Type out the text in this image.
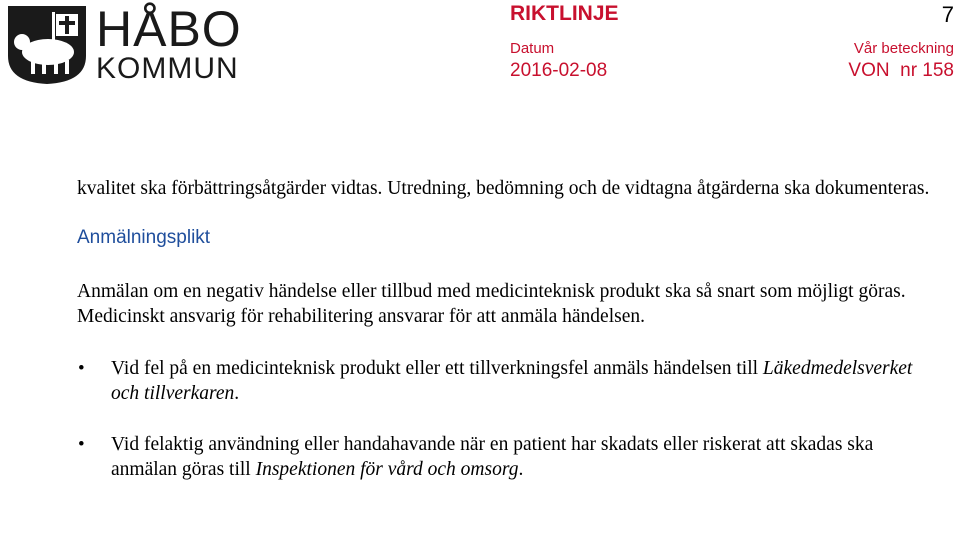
HÅBO
KOMMUN
RIKTLINJE	7
Datum
2016-02-08
Vår beteckning
VON  nr 158

kvalitet ska förbättringsåtgärder vidtas. Utredning, bedömning och de vidtagna åtgärderna ska dokumenteras.

Anmälningsplikt

Anmälan om en negativ händelse eller tillbud med medicinteknisk produkt ska så snart som möjligt göras. Medicinskt ansvarig för rehabilitering ansvarar för att anmäla händelsen.

• Vid fel på en medicinteknisk produkt eller ett tillverkningsfel anmäls händelsen till Läkedmedelsverket och tillverkaren.
• Vid felaktig användning eller handahavande när en patient har skadats eller riskerat att skadas ska anmälan göras till Inspektionen för vård och omsorg.
